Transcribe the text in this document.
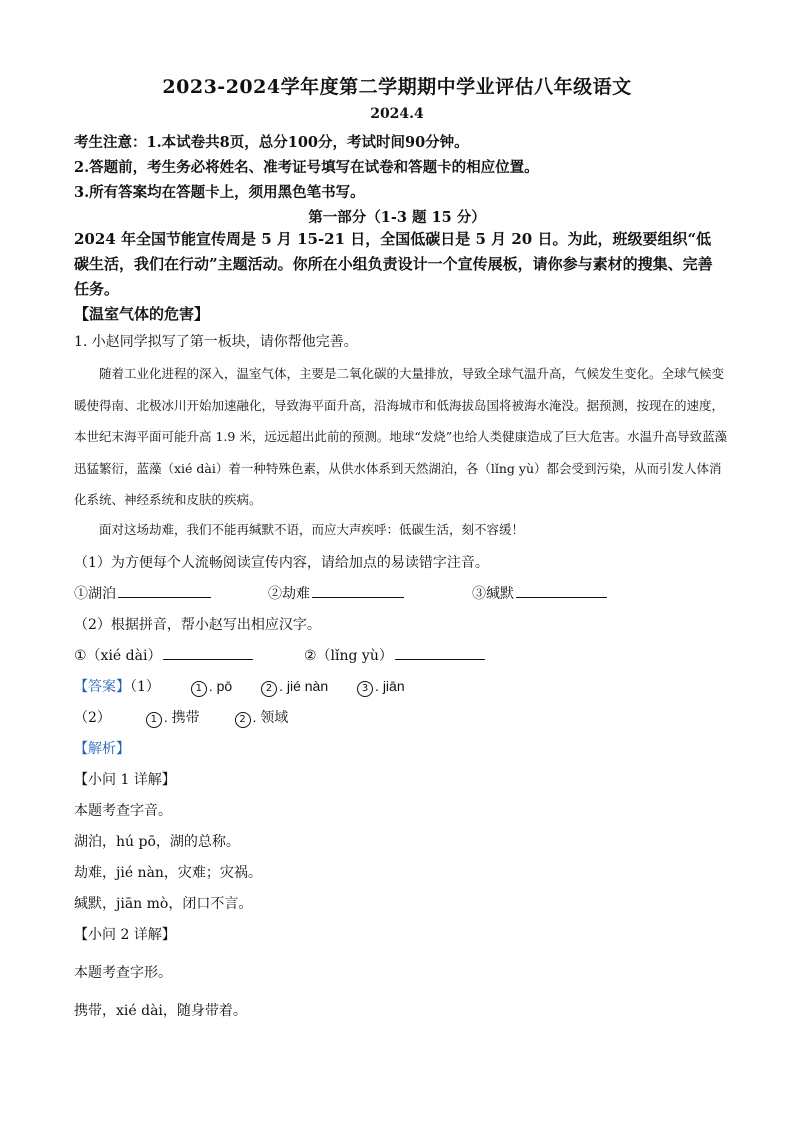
2023-2024学年度第二学期期中学业评估八年级语文
2024.4
考生注意：1.本试卷共8页，总分100分，考试时间90分钟。
2.答题前，考生务必将姓名、准考证号填写在试卷和答题卡的相应位置。
3.所有答案均在答题卡上，须用黑色笔书写。
第一部分（1-3 题 15 分）
2024 年全国节能宣传周是 5 月 15-21 日，全国低碳日是 5 月 20 日。为此，班级要组织“低碳生活，我们在行动”主题活动。你所在小组负责设计一个宣传展板，请你参与素材的搜集、完善任务。
【温室气体的危害】
1. 小赵同学拟写了第一板块，请你帮他完善。
随着工业化进程的深入，温室气体，主要是二氧化碳的大量排放，导致全球气温升高，气候发生变化。全球气候变暖使得南、北极冰川开始加速融化，导致海平面升高，沿海城市和低海拔岛国将被海水淹没。据预测，按现在的速度，本世纪末海平面可能升高 1.9 米，远远超出此前的预测。地球“发烧”也给人类健康造成了巨大危害。水温升高导致蓝藻迅猛繁衍，蓝藻（xié dài）着一种特殊色素，从供水体系到天然湖泊，各（lǐng yù）都会受到污染，从而引发人体消化系统、神经系统和皮肤的疾病。
面对这场劫难，我们不能再缄默不语，而应大声疾呼：低碳生活，刻不容缓！
（1）为方便每个人流畅阅读宣传内容，请给加点的易读错字注音。
①湖泊	②劫难	③缄默
（2）根据拼音，帮小赵写出相应汉字。
①（xié dài）	②（lǐng yù）
【答案】（1）	1 . pō	2 . jié nàn	3 . jiān
（2）	1 . 携带	2 . 领域
【解析】
【小问 1 详解】
本题考查字音。
湖泊，hú pō，湖的总称。
劫难，jié nàn，灾难；灾祸。
缄默，jiān mò，闭口不言。
【小问 2 详解】
本题考查字形。
携带，xié dài，随身带着。
